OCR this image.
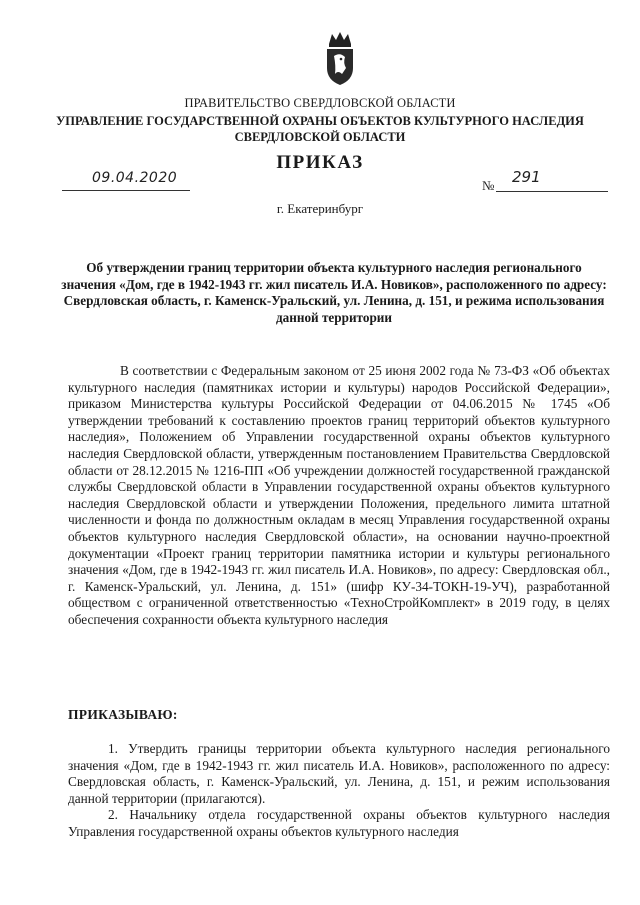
ПРАВИТЕЛЬСТВО СВЕРДЛОВСКОЙ ОБЛАСТИ
УПРАВЛЕНИЕ ГОСУДАРСТВЕННОЙ ОХРАНЫ ОБЪЕКТОВ КУЛЬТУРНОГО НАСЛЕДИЯ
СВЕРДЛОВСКОЙ ОБЛАСТИ
ПРИКАЗ
09.04.2020	№ 291
г. Екатеринбург
Об утверждении границ территории объекта культурного наследия регионального значения «Дом, где в 1942-1943 гг. жил писатель И.А. Новиков», расположенного по адресу: Свердловская область, г. Каменск-Уральский, ул. Ленина, д. 151, и режима использования данной территории

В соответствии с Федеральным законом от 25 июня 2002 года № 73-ФЗ «Об объектах культурного наследия (памятниках истории и культуры) народов Российской Федерации», приказом Министерства культуры Российской Федерации от 04.06.2015 № 1745 «Об утверждении требований к составлению проектов границ территорий объектов культурного наследия», Положением об Управлении государственной охраны объектов культурного наследия Свердловской области, утвержденным постановлением Правительства Свердловской области от 28.12.2015 № 1216-ПП «Об учреждении должностей государственной гражданской службы Свердловской области в Управлении государственной охраны объектов культурного наследия Свердловской области и утверждении Положения, предельного лимита штатной численности и фонда по должностным окладам в месяц Управления государственной охраны объектов культурного наследия Свердловской области», на основании научно-проектной документации «Проект границ территории памятника истории и культуры регионального значения «Дом, где в 1942-1943 гг. жил писатель И.А. Новиков», по адресу: Свердловская обл., г. Каменск-Уральский, ул. Ленина, д. 151» (шифр КУ-34-ТОКН-19-УЧ), разработанной обществом с ограниченной ответственностью «ТехноСтройКомплект» в 2019 году, в целях обеспечения сохранности объекта культурного наследия

ПРИКАЗЫВАЮ:

1. Утвердить границы территории объекта культурного наследия регионального значения «Дом, где в 1942-1943 гг. жил писатель И.А. Новиков», расположенного по адресу: Свердловская область, г. Каменск-Уральский, ул. Ленина, д. 151, и режим использования данной территории (прилагаются).

2. Начальнику отдела государственной охраны объектов культурного наследия Управления государственной охраны объектов культурного наследия
